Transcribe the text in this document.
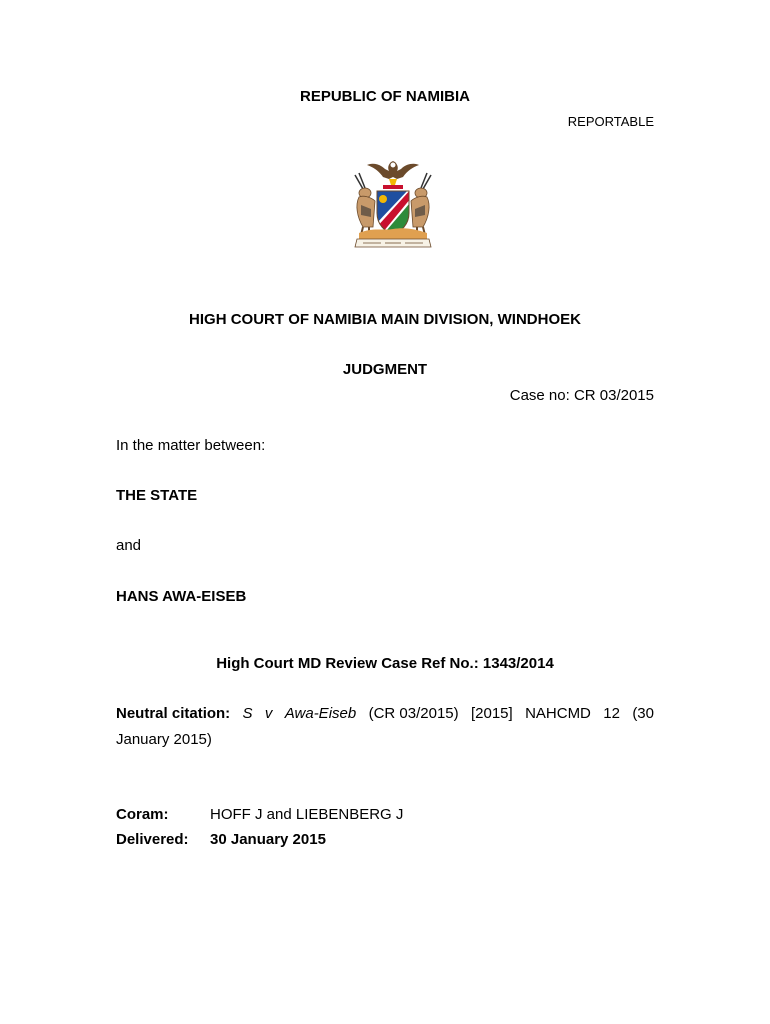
REPUBLIC OF NAMIBIA
REPORTABLE
HIGH COURT OF NAMIBIA MAIN DIVISION, WINDHOEK
JUDGMENT
Case no: CR 03/2015
In the matter between:
THE STATE
and
HANS AWA-EISEB
High Court MD Review Case Ref No.: 1343/2014
Neutral citation: S v Awa-Eiseb (CR 03/2015) [2015] NAHCMD 12 (30
January 2015)
Coram:	HOFF J and LIEBENBERG J
Delivered: 30 January 2015
